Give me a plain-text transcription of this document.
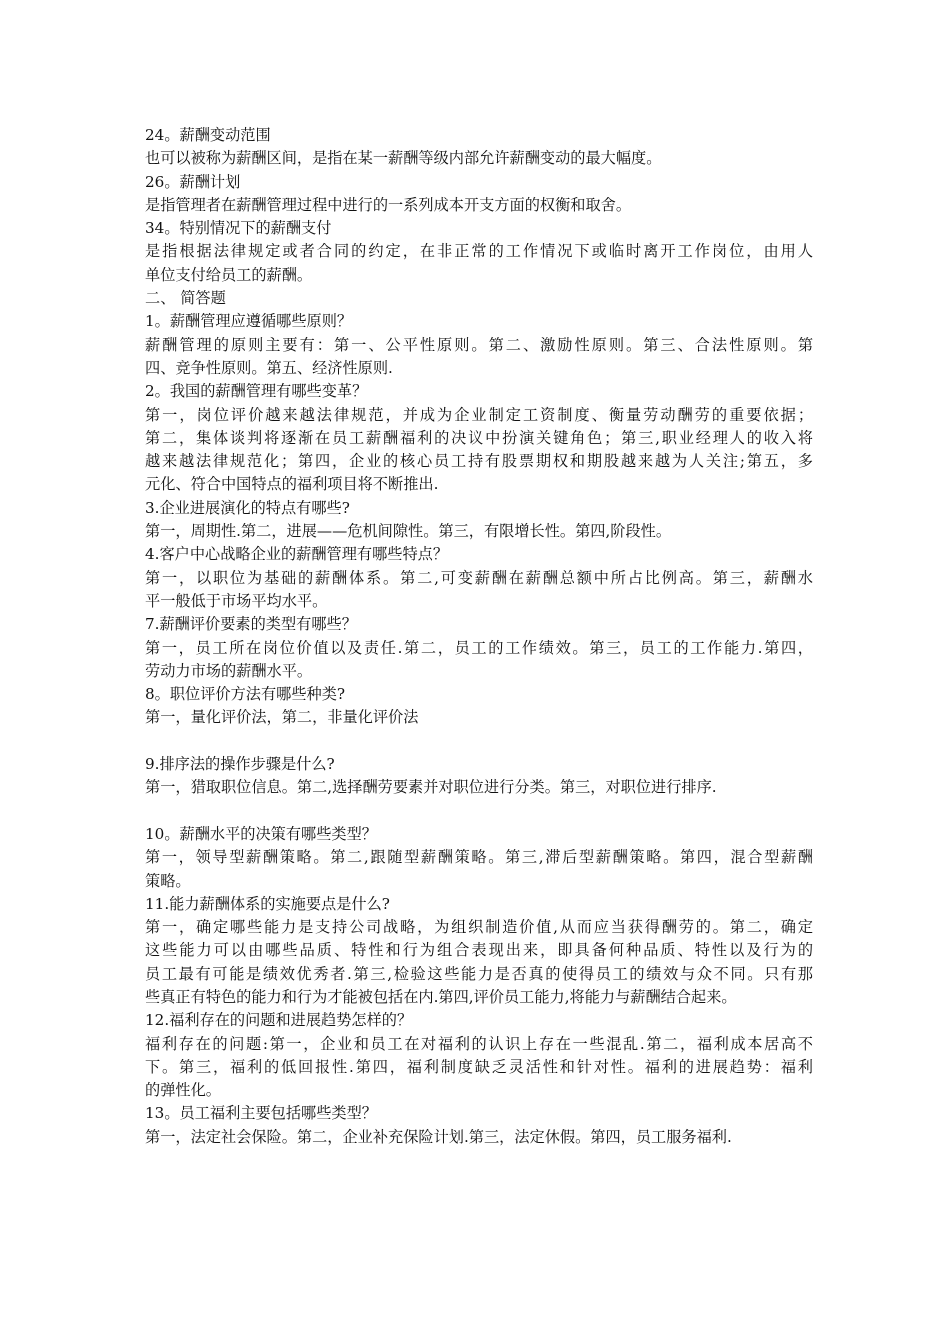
24。薪酬变动范围
也可以被称为薪酬区间，是指在某一薪酬等级内部允许薪酬变动的最大幅度。
26。薪酬计划
是指管理者在薪酬管理过程中进行的一系列成本开支方面的权衡和取舍。
34。特别情况下的薪酬支付
是指根据法律规定或者合同的约定，在非正常的工作情况下或临时离开工作岗位，由用人
单位支付给员工的薪酬。
二、 简答题
1。薪酬管理应遵循哪些原则？
薪酬管理的原则主要有：第一、公平性原则。第二、激励性原则。第三、合法性原则。第
四、竞争性原则。第五、经济性原则.
2。我国的薪酬管理有哪些变革？
第一，岗位评价越来越法律规范，并成为企业制定工资制度、衡量劳动酬劳的重要依据；
第二，集体谈判将逐渐在员工薪酬福利的决议中扮演关键角色；第三,职业经理人的收入将
越来越法律规范化；第四，企业的核心员工持有股票期权和期股越来越为人关注;第五，多
元化、符合中国特点的福利项目将不断推出.
3.企业进展演化的特点有哪些?
第一，周期性.第二，进展——危机间隙性。第三，有限增长性。第四,阶段性。
4.客户中心战略企业的薪酬管理有哪些特点？
第一，以职位为基础的薪酬体系。第二,可变薪酬在薪酬总额中所占比例高。第三，薪酬水
平一般低于市场平均水平。
7.薪酬评价要素的类型有哪些？
第一，员工所在岗位价值以及责任.第二，员工的工作绩效。第三，员工的工作能力.第四，
劳动力市场的薪酬水平。
8。职位评价方法有哪些种类?
第一，量化评价法，第二，非量化评价法
9.排序法的操作步骤是什么?
第一，猎取职位信息。第二,选择酬劳要素并对职位进行分类。第三，对职位进行排序.
10。薪酬水平的决策有哪些类型？
第一，领导型薪酬策略。第二,跟随型薪酬策略。第三,滞后型薪酬策略。第四，混合型薪酬
策略。
11.能力薪酬体系的实施要点是什么?
第一，确定哪些能力是支持公司战略，为组织制造价值,从而应当获得酬劳的。第二，确定
这些能力可以由哪些品质、特性和行为组合表现出来，即具备何种品质、特性以及行为的
员工最有可能是绩效优秀者.第三,检验这些能力是否真的使得员工的绩效与众不同。只有那
些真正有特色的能力和行为才能被包括在内.第四,评价员工能力,将能力与薪酬结合起来。
12.福利存在的问题和进展趋势怎样的？
福利存在的问题:第一，企业和员工在对福利的认识上存在一些混乱.第二，福利成本居高不
下。第三，福利的低回报性.第四，福利制度缺乏灵活性和针对性。福利的进展趋势：福利
的弹性化。
13。员工福利主要包括哪些类型？
第一，法定社会保险。第二，企业补充保险计划.第三，法定休假。第四，员工服务福利.
